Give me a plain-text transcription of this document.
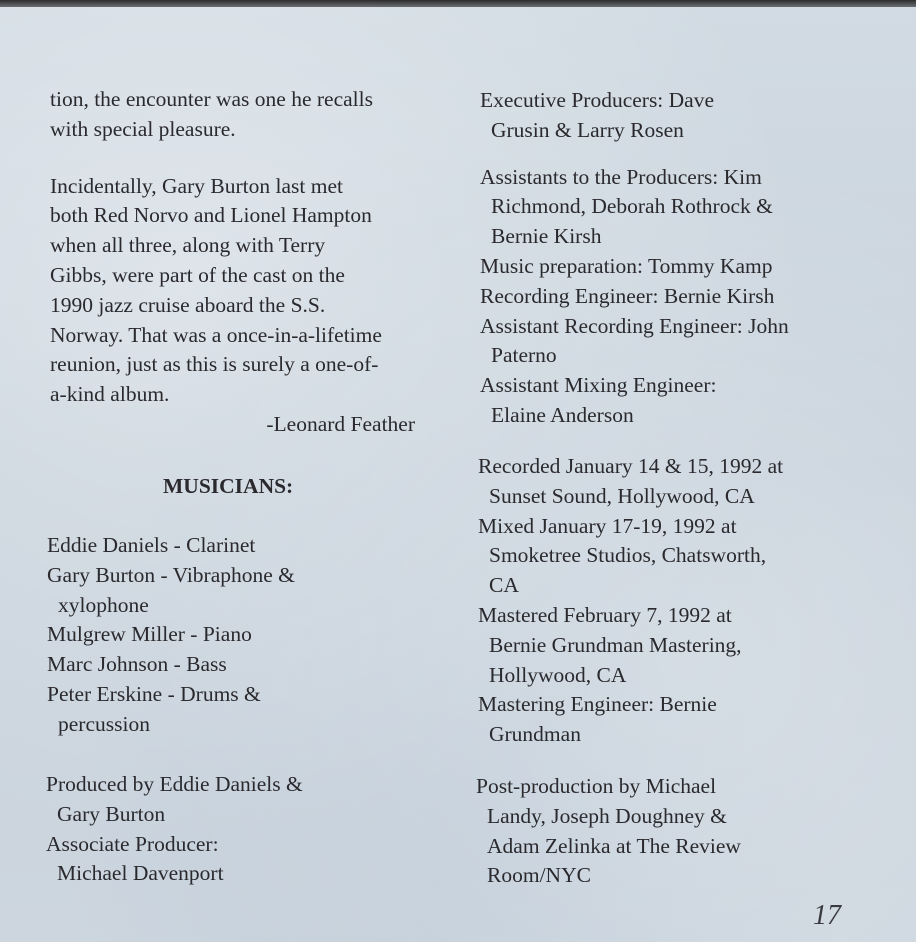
tion, the encounter was one he recalls

with special pleasure.

Incidentally, Gary Burton last met

both Red Norvo and Lionel Hampton

when all three, along with Terry

Gibbs, were part of the cast on the

1990 jazz cruise aboard the S.S.

Norway. That was a once-in-a-lifetime

reunion, just as this is surely a one-of-

a-kind album.

-Leonard Feather

MUSICIANS:

Eddie Daniels - Clarinet

Gary Burton - Vibraphone & xylophone

Mulgrew Miller - Piano

Marc Johnson - Bass

Peter Erskine - Drums & percussion

Produced by Eddie Daniels & Gary Burton

Associate Producer: Michael Davenport

Executive Producers: Dave Grusin & Larry Rosen

Assistants to the Producers: Kim Richmond, Deborah Rothrock & Bernie Kirsh

Music preparation: Tommy Kamp

Recording Engineer: Bernie Kirsh

Assistant Recording Engineer: John Paterno

Assistant Mixing Engineer: Elaine Anderson

Recorded January 14 & 15, 1992 at Sunset Sound, Hollywood, CA

Mixed January 17-19, 1992 at Smoketree Studios, Chatsworth, CA

Mastered February 7, 1992 at Bernie Grundman Mastering, Hollywood, CA

Mastering Engineer: Bernie Grundman

Post-production by Michael Landy, Joseph Doughney & Adam Zelinka at The Review Room/NYC

17
